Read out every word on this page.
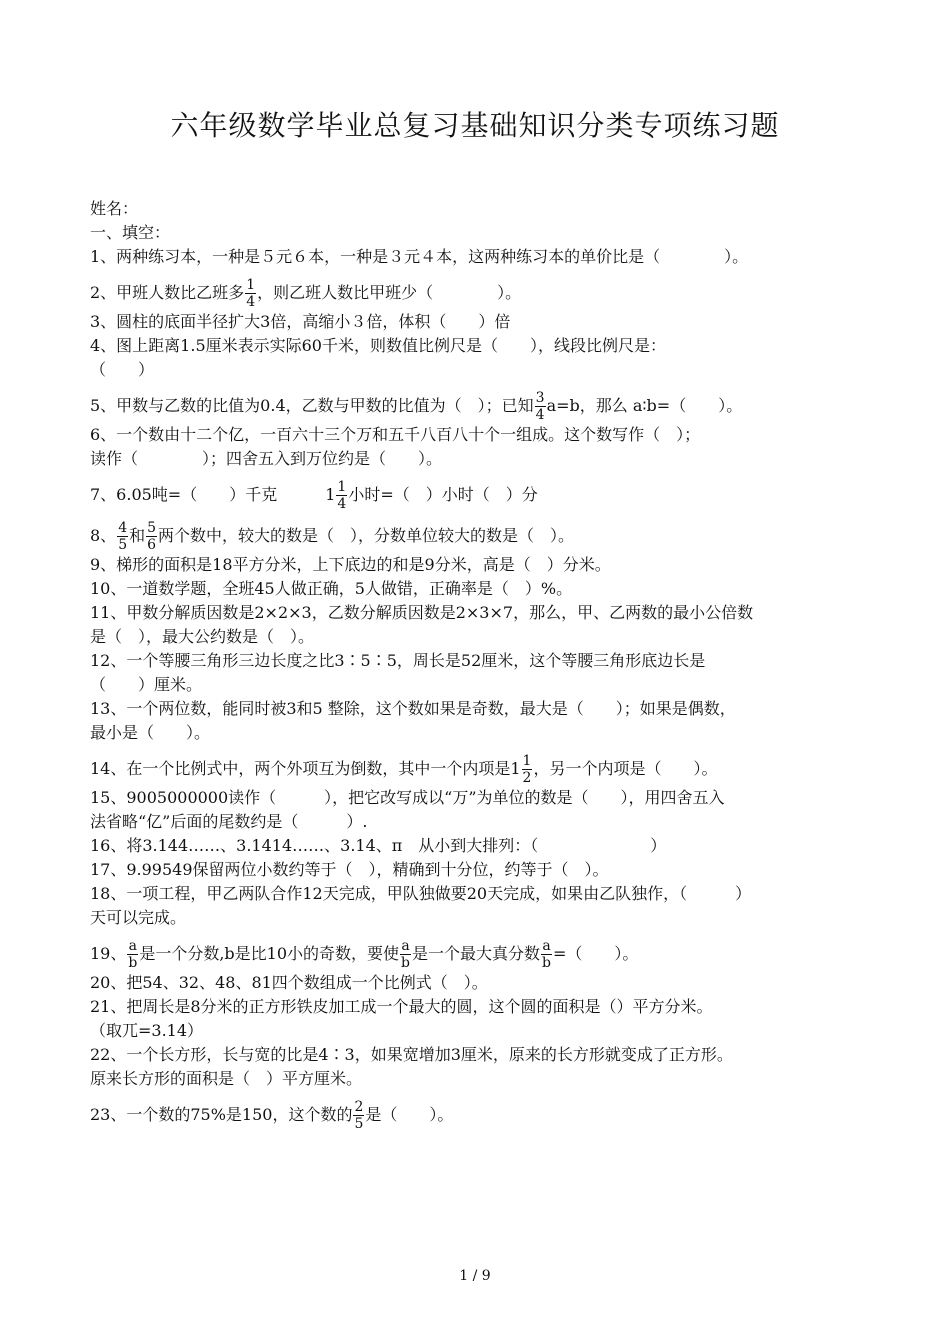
六年级数学毕业总复习基础知识分类专项练习题
姓名：
一、填空：
1、两种练习本，一种是５元６本，一种是３元４本，这两种练习本的单价比是（　　　　）。
2、甲班人数比乙班多 $\frac{1}{4}$ ，则乙班人数比甲班少（　　　　）。
3、圆柱的底面半径扩大3倍，高缩小３倍，体积（　　）倍
4、图上距离1.5厘米表示实际60千米，则数值比例尺是（　　），线段比例尺是：
（　　）
5、甲数与乙数的比值为0.4，乙数与甲数的比值为（　）；已知 $\frac{3}{4} a=b$，那么 a∶b=（　　）。
6、一个数由十二个亿，一百六十三个万和五千八百八十个一组成。这个数写作（　）；
读作（　　　　）；四舍五入到万位约是（　　）。
7、6.05吨=（　　）千克　　　$1 \frac{1}{4}$ 小时=（　）小时（　）分
8、 $\frac{4}{5}$ 和 $\frac{5}{6}$ 两个数中，较大的数是（　），分数单位较大的数是（　）。
9、梯形的面积是18平方分米，上下底边的和是9分米，高是（　）分米。
10、一道数学题，全班45人做正确，5人做错，正确率是（　）%。
11、甲数分解质因数是2×2×3，乙数分解质因数是2×3×7，那么，甲、乙两数的最小公倍数
是（　），最大公约数是（　）。
12、一个等腰三角形三边长度之比3∶5∶5，周长是52厘米，这个等腰三角形底边长是
（　　）厘米。
13、一个两位数，能同时被3和5 整除，这个数如果是奇数，最大是（　　）；如果是偶数，
最小是（　　）。
14、在一个比例式中，两个外项互为倒数，其中一个内项是$1 \frac{1}{2}$ ，另一个内项是（　　）。
15、9005000000读作（　　　），把它改写成以“万”为单位的数是（　　），用四舍五入
法省略“亿”后面的尾数约是（　　　）.
16、将3.144……、3.1414……、3.14、π　从小到大排列：（　　　　　　　）
17、9.99549保留两位小数约等于（　），精确到十分位，约等于（　）。
18、一项工程，甲乙两队合作12天完成，甲队独做要20天完成，如果由乙队独作，（　　　）
天可以完成。
19、 $\frac{a}{b}$ 是一个分数,b是比10小的奇数，要使 $\frac{a}{b}$ 是一个最大真分数 $\frac{a}{b}$ =（　　）。
20、把54、32、48、81四个数组成一个比例式（　）。
21、把周长是8分米的正方形铁皮加工成一个最大的圆，这个圆的面积是（）平方分米。
（取兀=3.14）
22、一个长方形，长与宽的比是4∶3，如果宽增加3厘米，原来的长方形就变成了正方形。
原来长方形的面积是（　）平方厘米。
23、一个数的75%是150，这个数的 $\frac{2}{5}$ 是（　　）。
1 / 9
